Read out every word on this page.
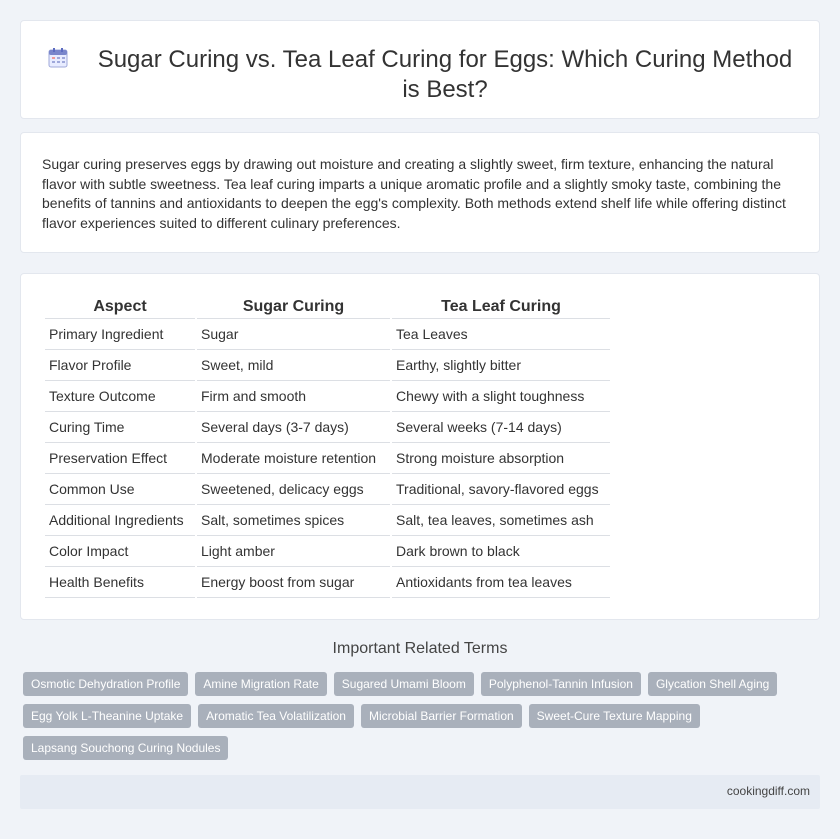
Sugar Curing vs. Tea Leaf Curing for Eggs: Which Curing Method is Best?

Sugar curing preserves eggs by drawing out moisture and creating a slightly sweet, firm texture, enhancing the natural flavor with subtle sweetness. Tea leaf curing imparts a unique aromatic profile and a slightly smoky taste, combining the benefits of tannins and antioxidants to deepen the egg's complexity. Both methods extend shelf life while offering distinct flavor experiences suited to different culinary preferences.

Aspect	Sugar Curing	Tea Leaf Curing
Primary Ingredient	Sugar	Tea Leaves
Flavor Profile	Sweet, mild	Earthy, slightly bitter
Texture Outcome	Firm and smooth	Chewy with a slight toughness
Curing Time	Several days (3-7 days)	Several weeks (7-14 days)
Preservation Effect	Moderate moisture retention	Strong moisture absorption
Common Use	Sweetened, delicacy eggs	Traditional, savory-flavored eggs
Additional Ingredients	Salt, sometimes spices	Salt, tea leaves, sometimes ash
Color Impact	Light amber	Dark brown to black
Health Benefits	Energy boost from sugar	Antioxidants from tea leaves
Important Related Terms
Osmotic Dehydration Profile	Amine Migration Rate	Sugared Umami Bloom	Polyphenol-Tannin Infusion	Glycation Shell Aging
Egg Yolk L-Theanine Uptake	Aromatic Tea Volatilization	Microbial Barrier Formation	Sweet-Cure Texture Mapping
Lapsang Souchong Curing Nodules
cookingdiff.com
